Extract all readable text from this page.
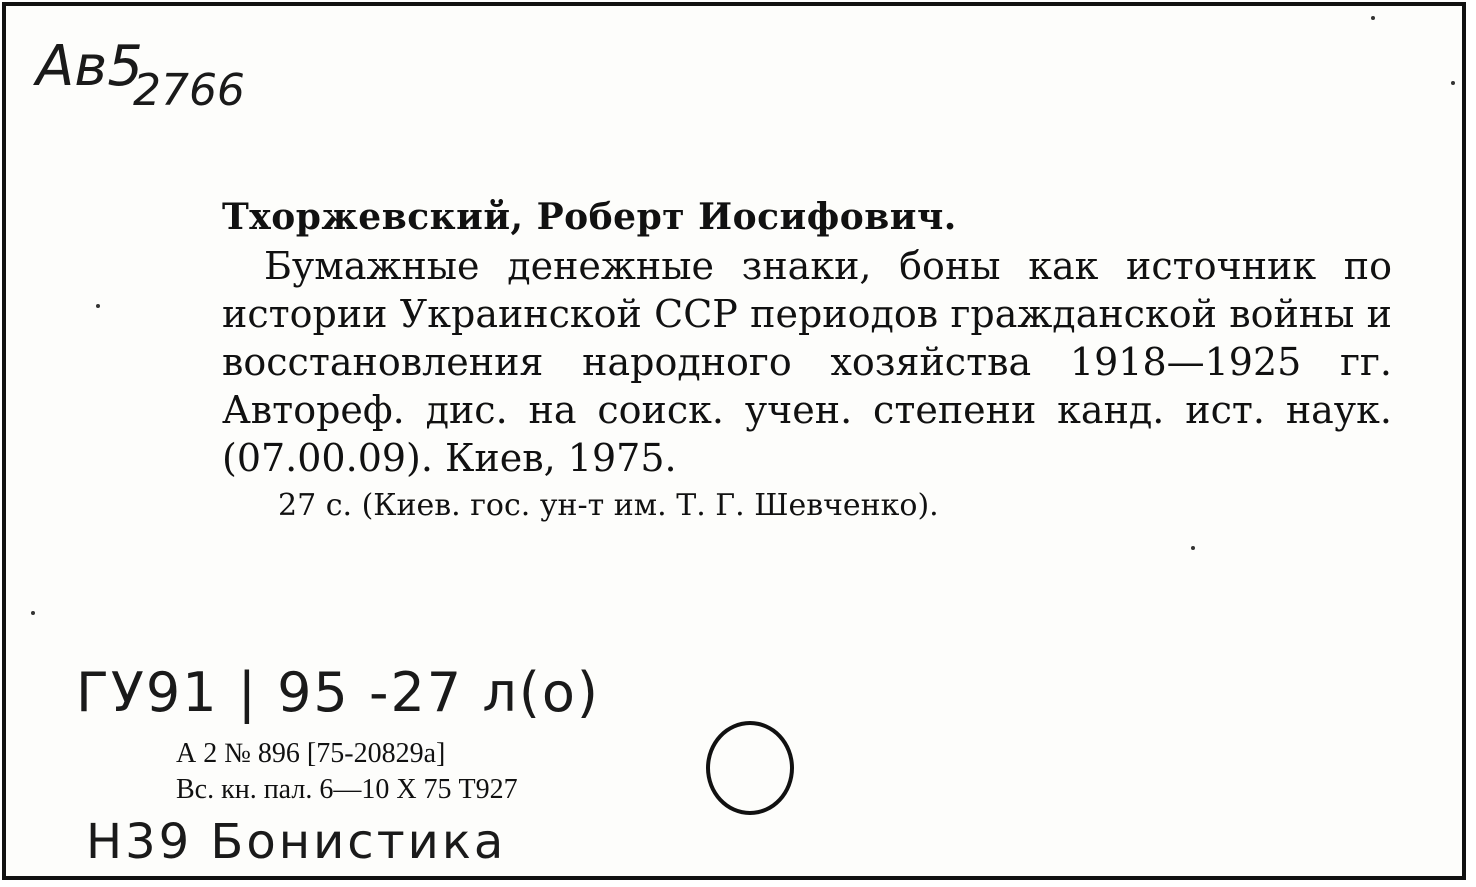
$Ав5_{2766}$

Тхоржевский, Роберт Иосифович.

Бумажные денежные знаки, боны как источник по истории Украинской ССР периодов гражданской войны и восстановления народного хозяйства 1918—1925 гг. Автореф. дис. на соиск. учен. степени канд. ист. наук. (07.00.09). Киев, 1975.

27 с. (Киев. гос. ун-т им. Т. Г. Шевченко).

ГУ91 | 95 -27 л(о)
А 2 № 896 [75-20829а]
Вс. кн. пал. 6—10 X 75 Т927
Н39 Бонистика
